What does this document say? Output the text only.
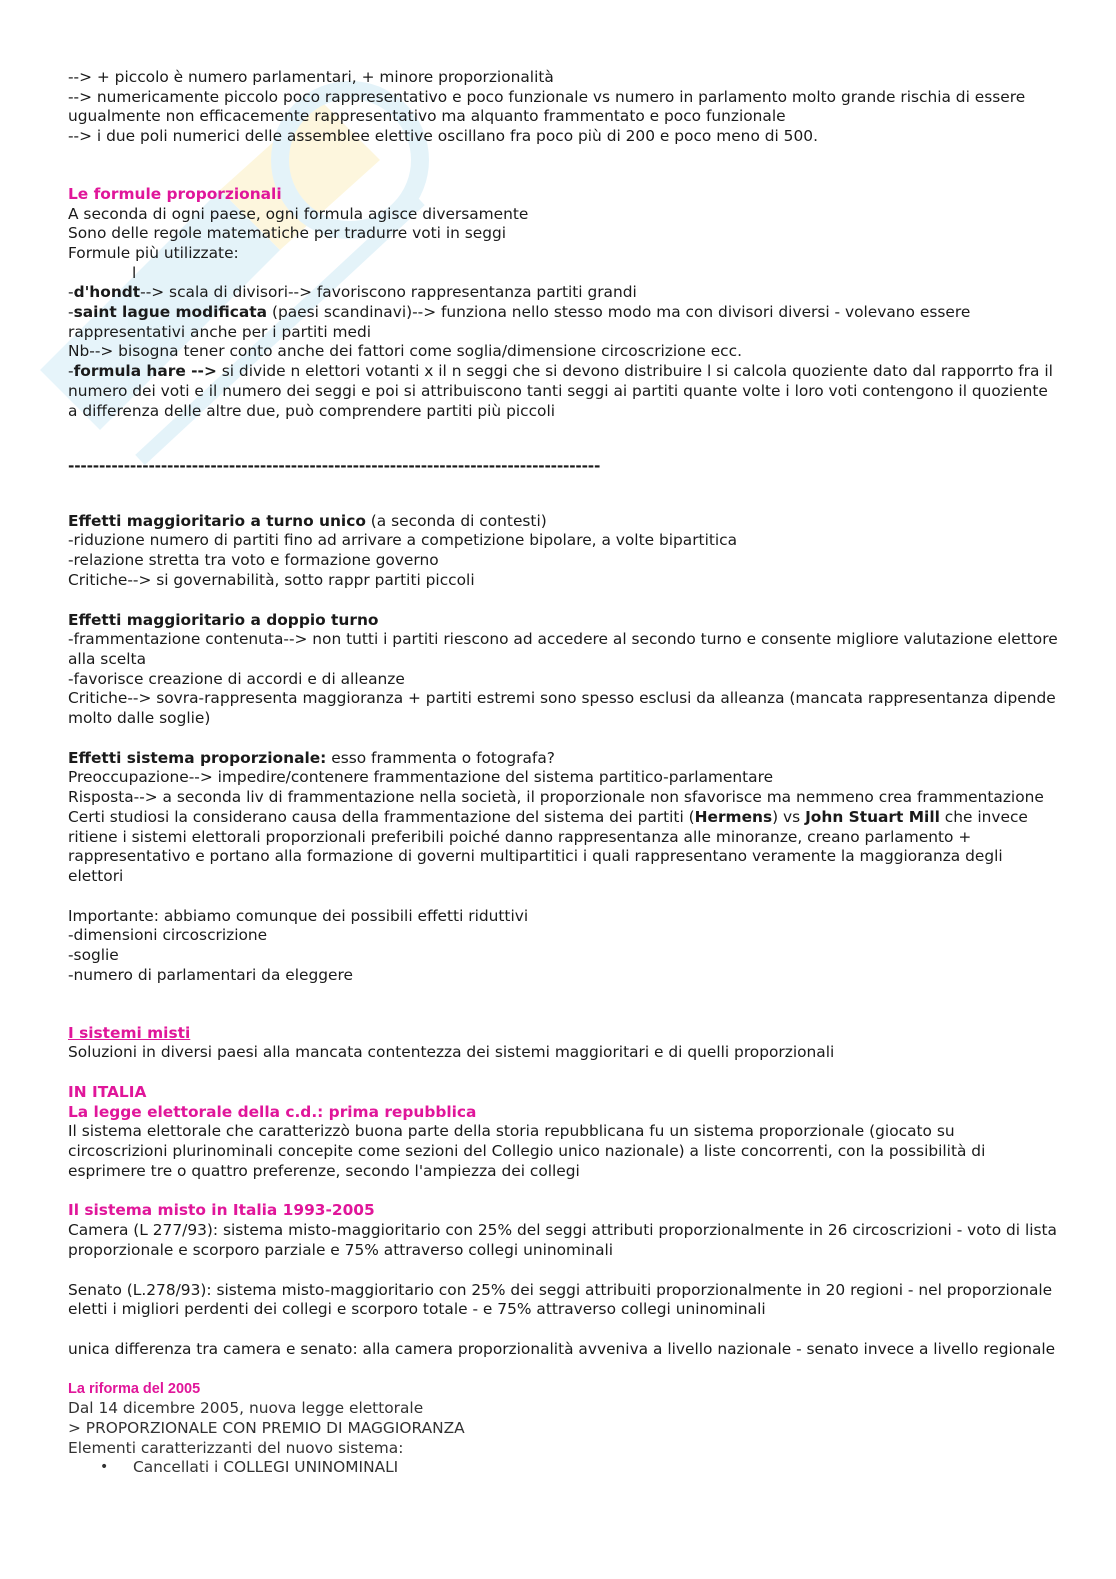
--> + piccolo è numero parlamentari, + minore proporzionalità

--> numericamente piccolo poco rappresentativo e poco funzionale vs numero in parlamento molto grande rischia di essere ugualmente non efficacemente rappresentativo ma alquanto frammentato e poco funzionale

--> i due poli numerici delle assemblee elettive oscillano fra poco più di 200 e poco meno di 500.

Le formule proporzionali

A seconda di ogni paese, ogni formula agisce diversamente

Sono delle regole matematiche per tradurre voti in seggi

Formule più utilizzate:

l

-d'hondt--> scala di divisori--> favoriscono rappresentanza partiti grandi

-saint lague modificata (paesi scandinavi)--> funziona nello stesso modo ma con divisori diversi - volevano essere rappresentativi anche per i partiti medi

Nb--> bisogna tener conto anche dei fattori come soglia/dimensione circoscrizione ecc.

-formula hare --> si divide n elettori votanti x il n seggi che si devono distribuire l si calcola quoziente dato dal rapporrto fra il numero dei voti e il numero dei seggi e poi si attribuiscono tanti seggi ai partiti quante volte i loro voti contengono il quoziente

a differenza delle altre due, può comprendere partiti più piccoli

--------------------------------------------------------------------------------------

Effetti maggioritario a turno unico (a seconda di contesti)

-riduzione numero di partiti fino ad arrivare a competizione bipolare, a volte bipartitica

-relazione stretta tra voto e formazione governo

Critiche--> si governabilità, sotto rappr partiti piccoli

Effetti maggioritario a doppio turno

-frammentazione contenuta--> non tutti i partiti riescono ad accedere al secondo turno e consente migliore valutazione elettore alla scelta

-favorisce creazione di accordi e di alleanze

Critiche--> sovra-rappresenta maggioranza + partiti estremi sono spesso esclusi da alleanza (mancata rappresentanza dipende molto dalle soglie)

Effetti sistema proporzionale: esso frammenta o fotografa?

Preoccupazione--> impedire/contenere frammentazione del sistema partitico-parlamentare

Risposta--> a seconda liv di frammentazione nella società, il proporzionale non sfavorisce ma nemmeno crea frammentazione

Certi studiosi la considerano causa della frammentazione del sistema dei partiti (Hermens) vs John Stuart Mill che invece ritiene i sistemi elettorali proporzionali preferibili poiché danno rappresentanza alle minoranze, creano parlamento + rappresentativo e portano alla formazione di governi multipartitici i quali rappresentano veramente la maggioranza degli elettori

Importante: abbiamo comunque dei possibili effetti riduttivi

-dimensioni circoscrizione

-soglie

-numero di parlamentari da eleggere

I sistemi misti

Soluzioni in diversi paesi alla mancata contentezza dei sistemi maggioritari e di quelli proporzionali

IN ITALIA

La legge elettorale della c.d.: prima repubblica

Il sistema elettorale che caratterizzò buona parte della storia repubblicana fu un sistema proporzionale (giocato su circoscrizioni plurinominali concepite come sezioni del Collegio unico nazionale) a liste concorrenti, con la possibilità di esprimere tre o quattro preferenze, secondo l'ampiezza dei collegi

Il sistema misto in Italia 1993-2005

Camera (L 277/93): sistema misto-maggioritario con 25% del seggi attributi proporzionalmente in 26 circoscrizioni - voto di lista proporzionale e scorporo parziale e 75% attraverso collegi uninominali

Senato (L.278/93): sistema misto-maggioritario con 25% dei seggi attribuiti proporzionalmente in 20 regioni - nel proporzionale eletti i migliori perdenti dei collegi e scorporo totale - e 75% attraverso collegi uninominali

unica differenza tra camera e senato: alla camera proporzionalità avveniva a livello nazionale - senato invece a livello regionale

La riforma del 2005

Dal 14 dicembre 2005, nuova legge elettorale

> PROPORZIONALE CON PREMIO DI MAGGIORANZA

Elementi caratterizzanti del nuovo sistema:

•	Cancellati i COLLEGI UNINOMINALI
